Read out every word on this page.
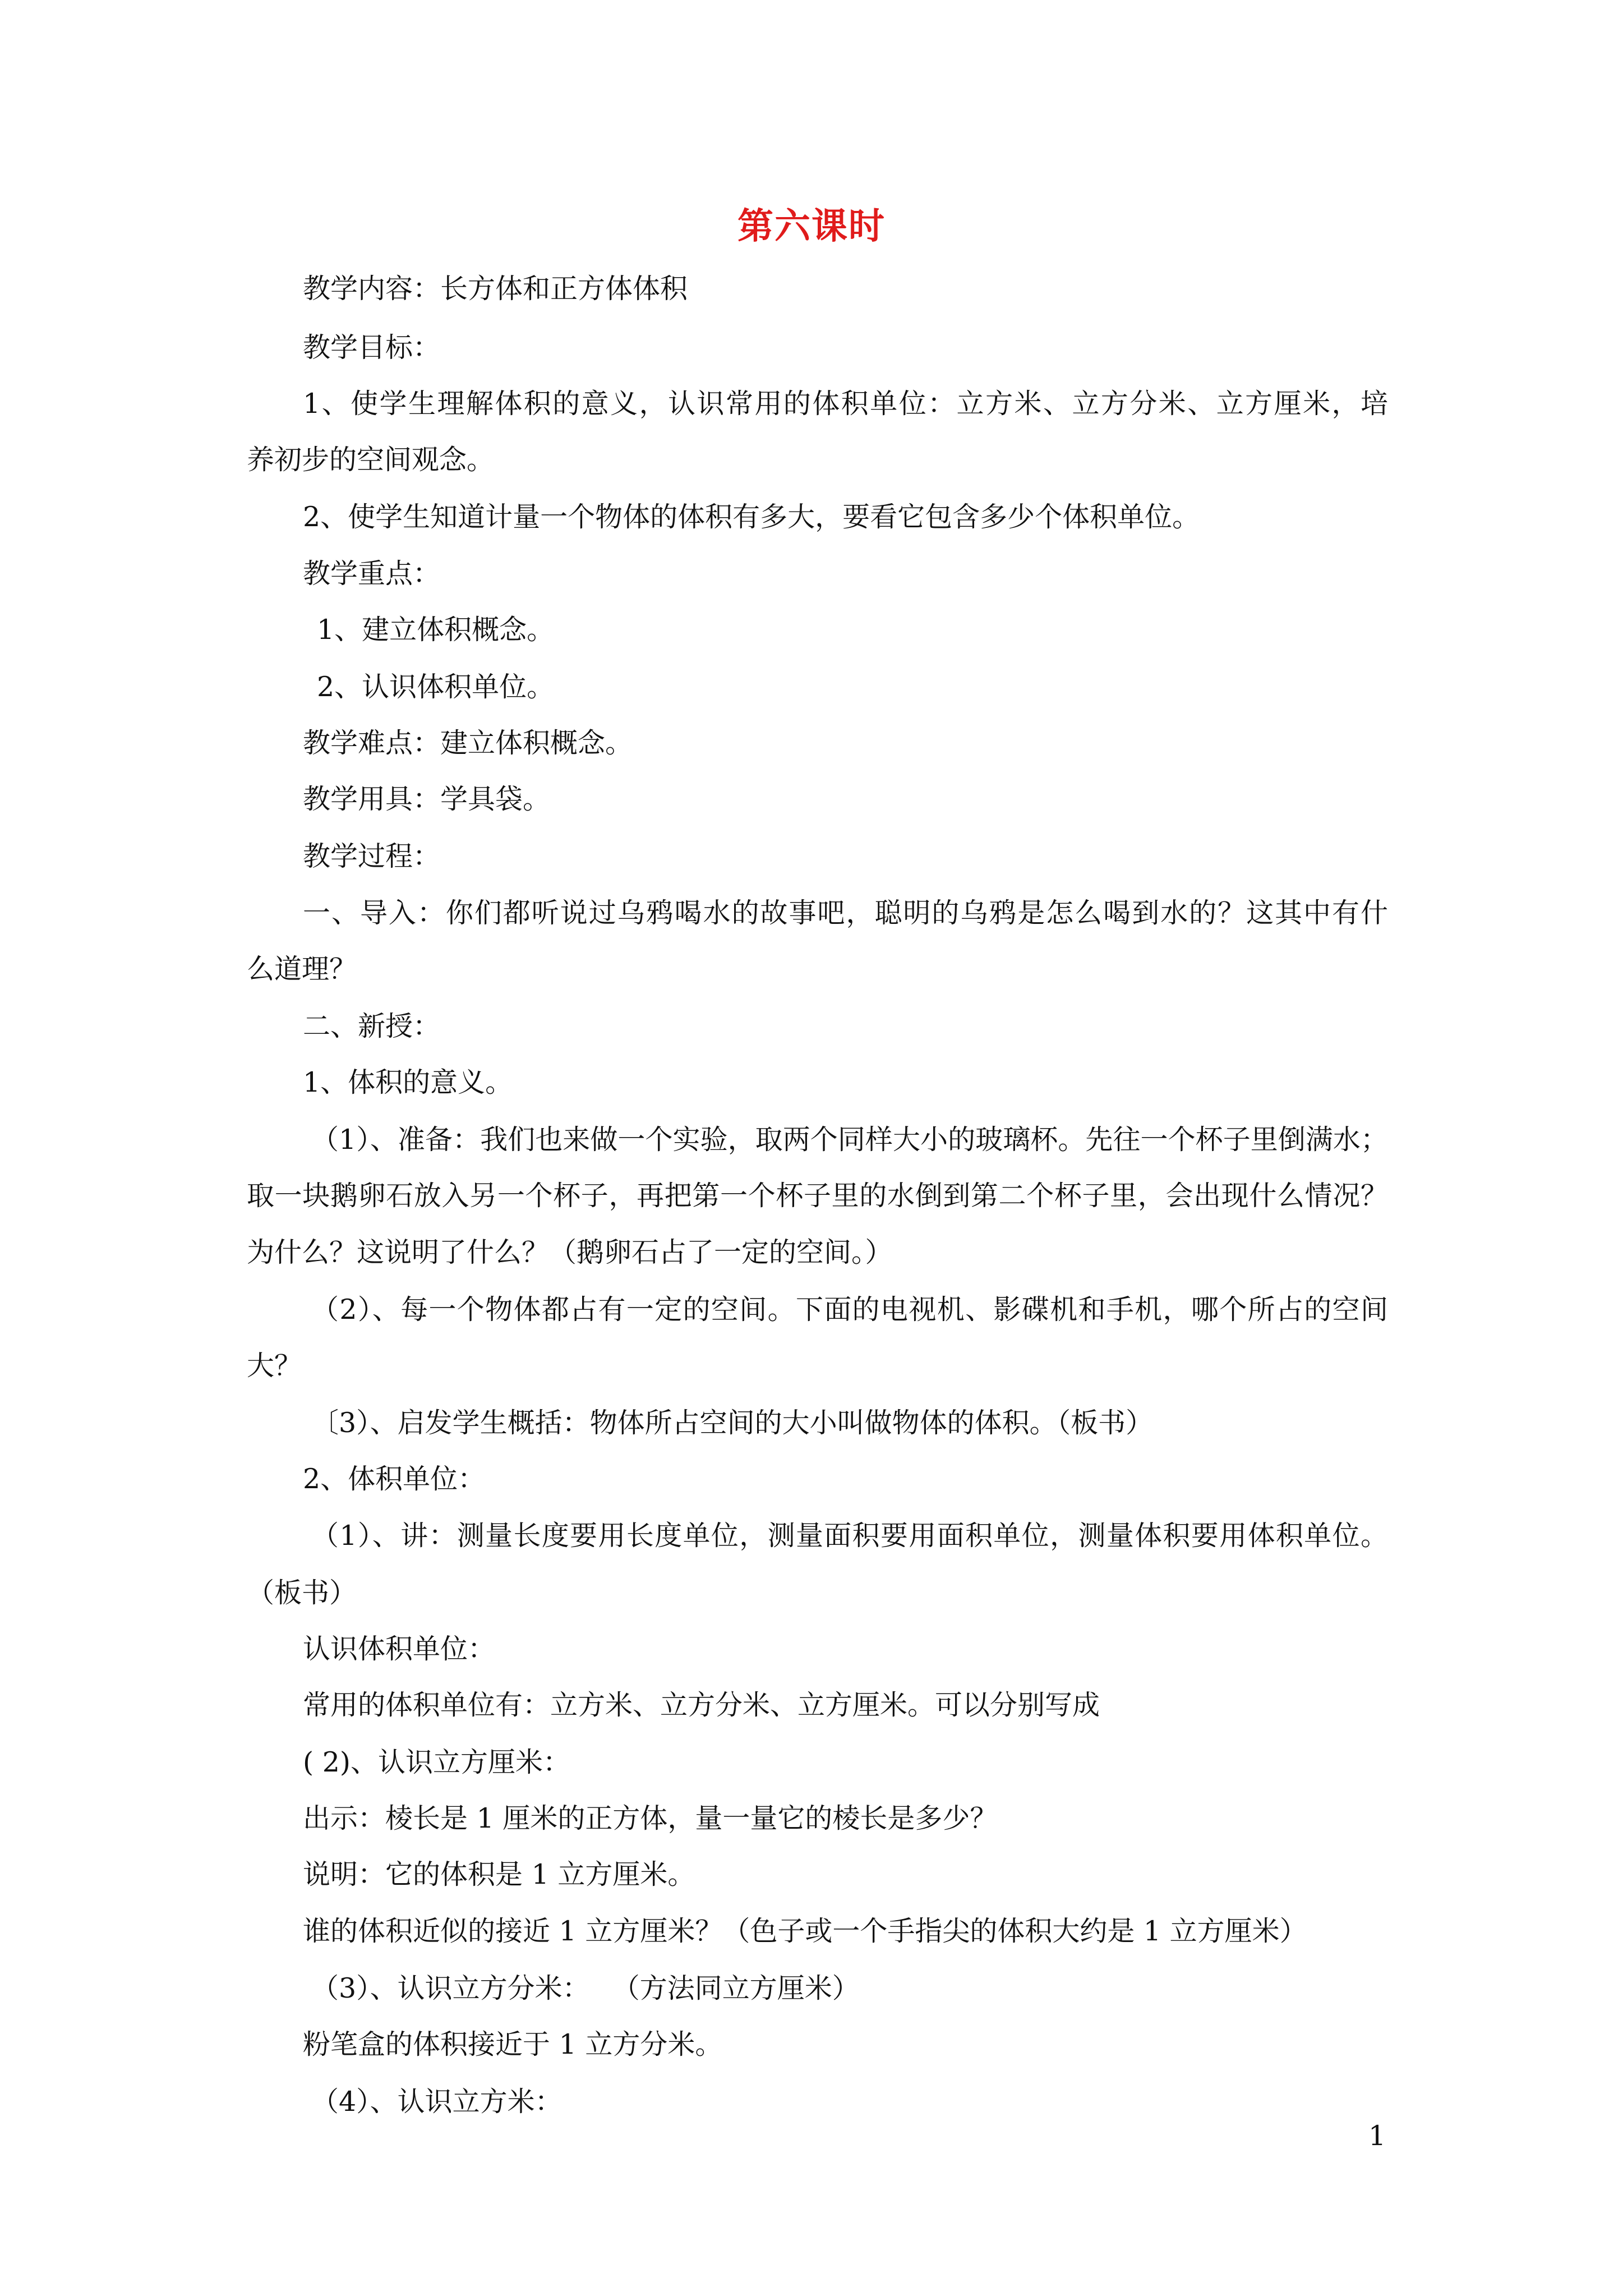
第六课时
教学内容：长方体和正方体体积
教学目标：
1、使学生理解体积的意义，认识常用的体积单位：立方米、立方分米、立方厘米，培
养初步的空间观念。
2、使学生知道计量一个物体的体积有多大，要看它包含多少个体积单位。
教学重点：
1、建立体积概念。
2、认识体积单位。
教学难点：建立体积概念。
教学用具：学具袋。
教学过程：
一、导入：你们都听说过乌鸦喝水的故事吧，聪明的乌鸦是怎么喝到水的？这其中有什
么道理？
二、新授：
1、体积的意义。
（1）、准备：我们也来做一个实验，取两个同样大小的玻璃杯。先往一个杯子里倒满水；
取一块鹅卵石放入另一个杯子，再把第一个杯子里的水倒到第二个杯子里，会出现什么情况？
为什么？这说明了什么？（鹅卵石占了一定的空间。）
（2）、每一个物体都占有一定的空间。下面的电视机、影碟机和手机，哪个所占的空间
大？
〔3）、启发学生概括：物体所占空间的大小叫做物体的体积。（板书）
2、体积单位：
（1）、讲：测量长度要用长度单位，测量面积要用面积单位，测量体积要用体积单位。
（板书）
认识体积单位：
常用的体积单位有：立方米、立方分米、立方厘米。可以分别写成
( 2)、认识立方厘米：
出示：棱长是 1 厘米的正方体，量一量它的棱长是多少？
说明：它的体积是 1 立方厘米。
谁的体积近似的接近 1 立方厘米？（色子或一个手指尖的体积大约是 1 立方厘米）
（3）、认识立方分米：　 （方法同立方厘米）
粉笔盒的体积接近于 1 立方分米。
（4）、认识立方米：
1
